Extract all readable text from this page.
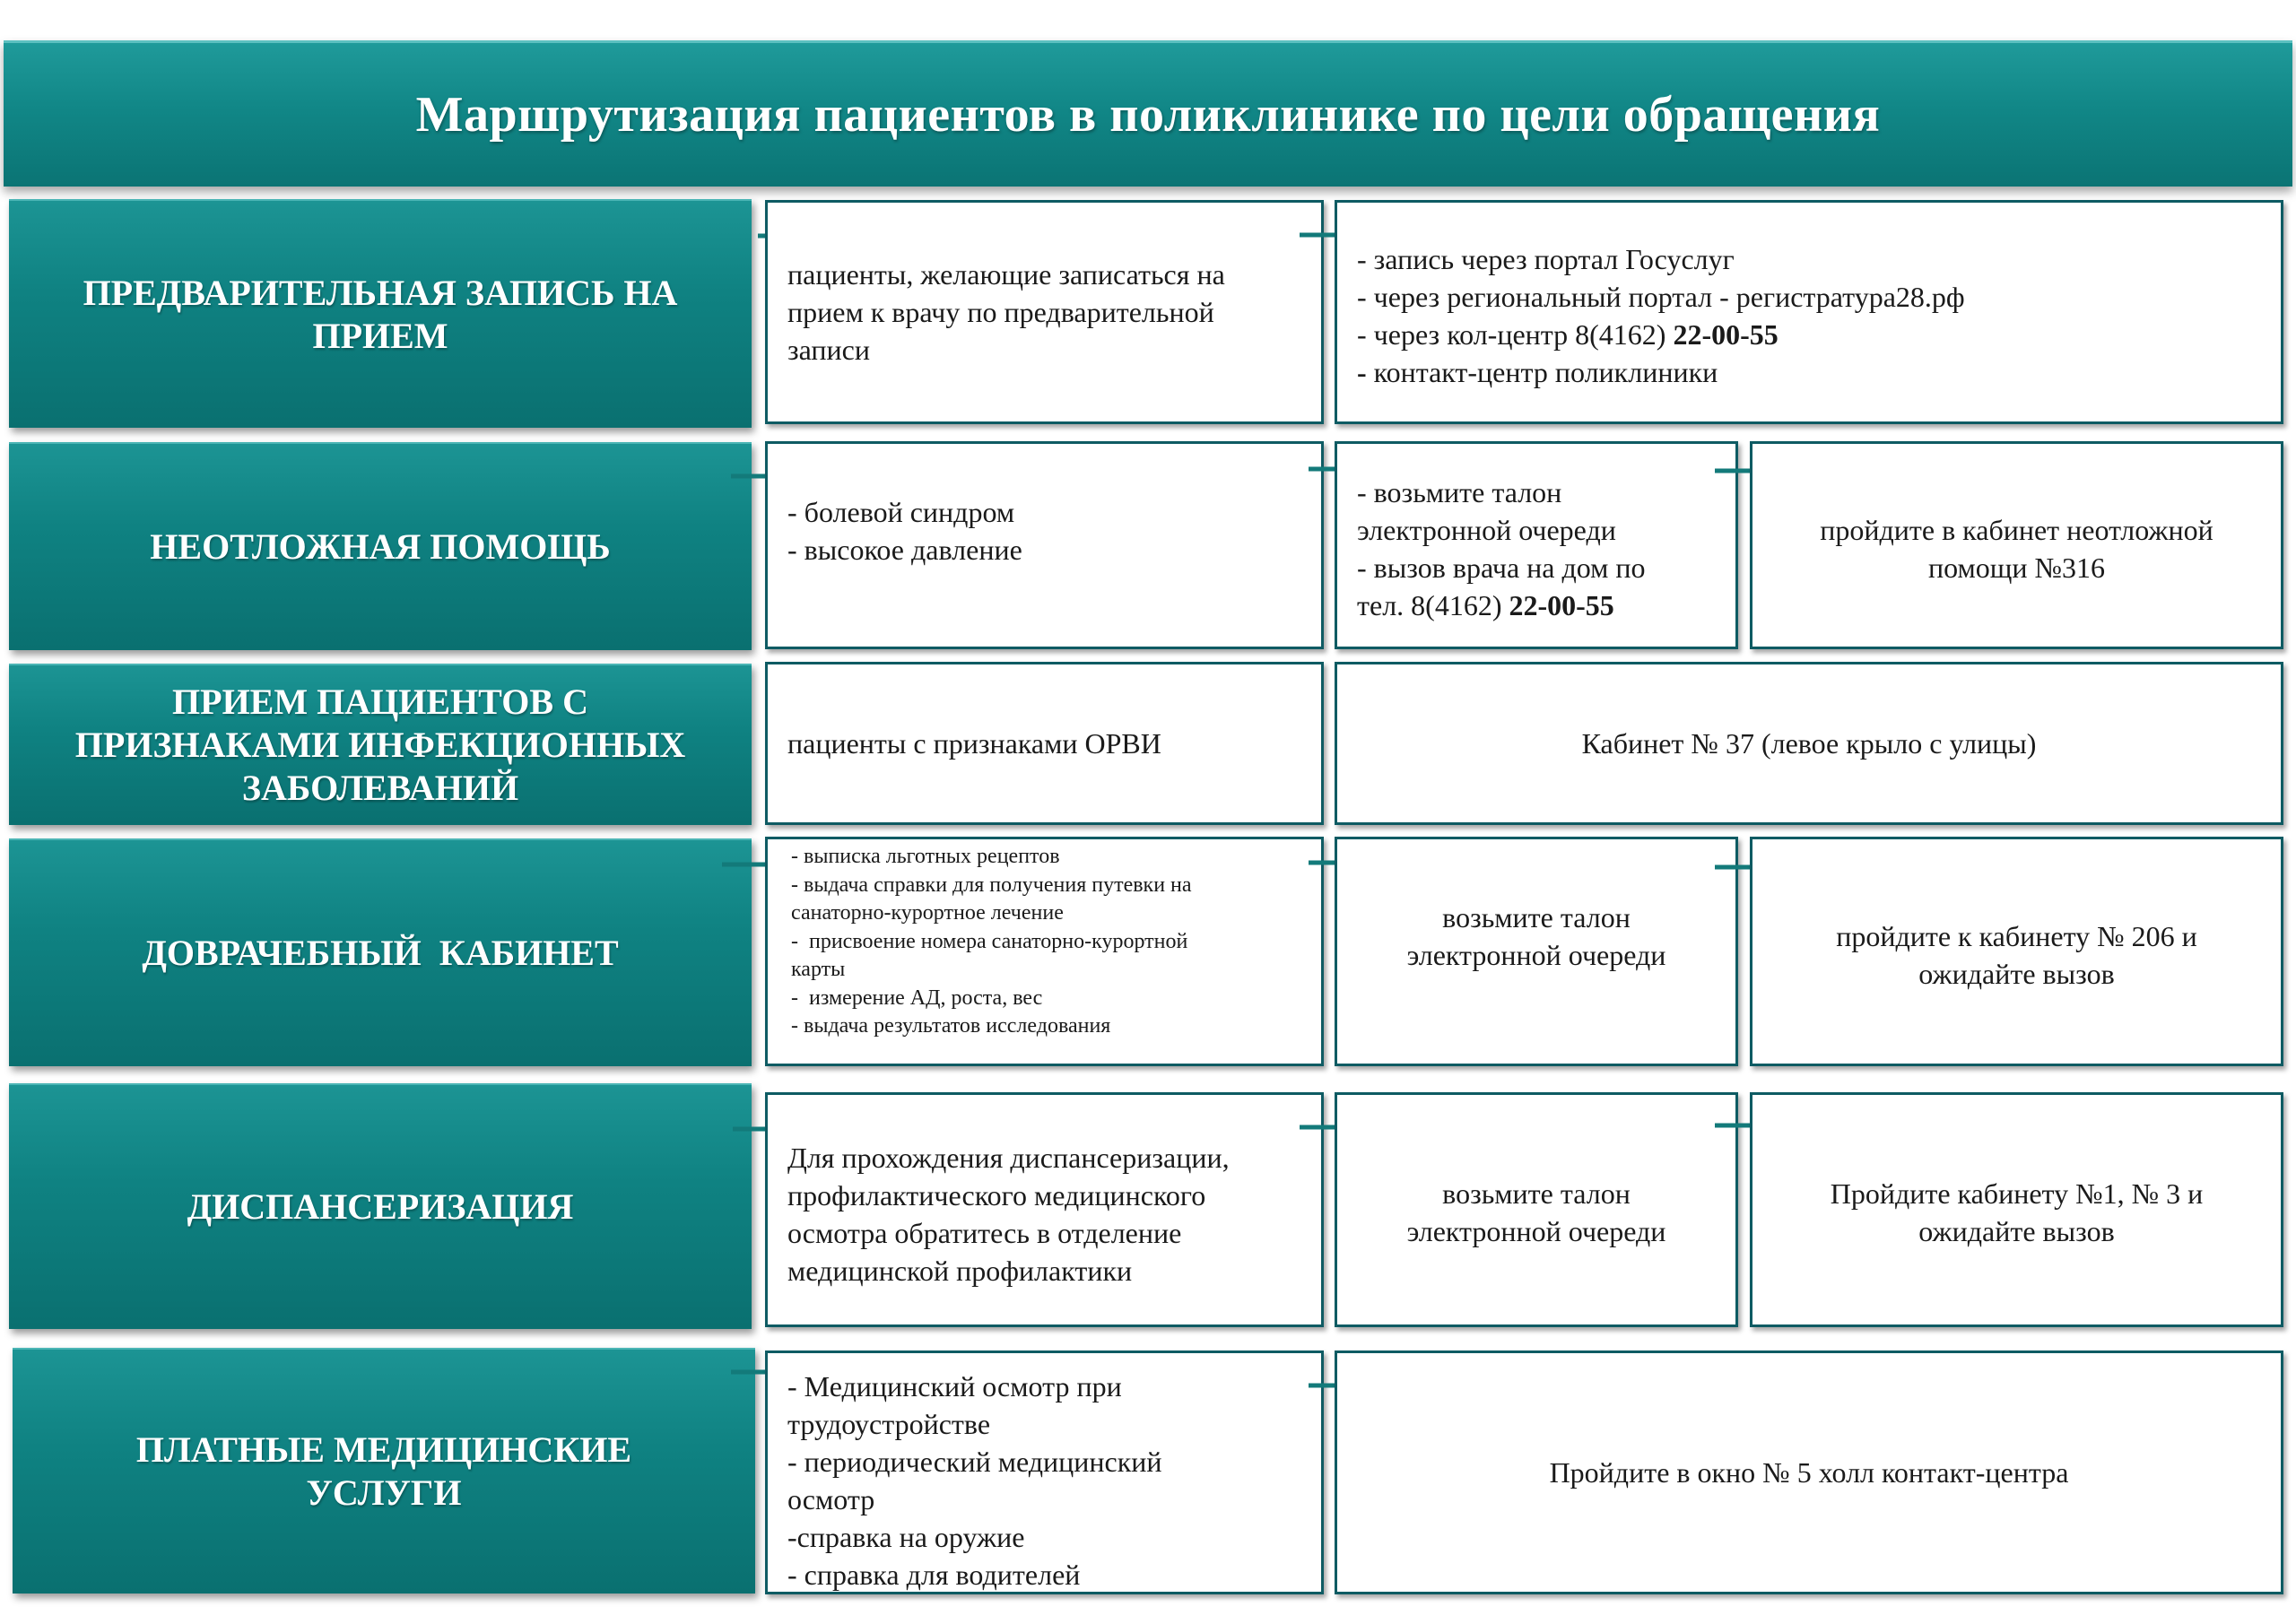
Маршрутизация пациентов в поликлинике по цели обращения
ПРЕДВАРИТЕЛЬНАЯ ЗАПИСЬ НА
ПРИЕМ
пациенты, желающие записаться на
прием к врачу по предварительной
записи
- запись через портал Госуслуг
- через региональный портал - регистратура28.рф
- через кол-центр 8(4162) 22-00-55
- контакт-центр поликлиники
НЕОТЛОЖНАЯ ПОМОЩЬ
- болевой синдром
- высокое давление
- возьмите талон
электронной очереди
- вызов врача на дом по
тел. 8(4162) 22-00-55
пройдите в кабинет неотложной
помощи №316
ПРИЕМ ПАЦИЕНТОВ С
ПРИЗНАКАМИ ИНФЕКЦИОННЫХ
ЗАБОЛЕВАНИЙ
пациенты с признаками ОРВИ	Кабинет № 37 (левое крыло с улицы)
ДОВРАЧЕБНЫЙ  КАБИНЕТ
- выписка льготных рецептов
- выдача справки для получения путевки на
санаторно-курортное лечение
-  присвоение номера санаторно-курортной
карты
-  измерение АД, роста, вес
- выдача результатов исследования
возьмите талон
электронной очереди
пройдите к кабинету № 206 и
ожидайте вызов
ДИСПАНСЕРИЗАЦИЯ
Для прохождения диспансеризации,
профилактического медицинского
осмотра обратитесь в отделение
медицинской профилактики
возьмите талон
электронной очереди
Пройдите кабинету №1, № 3 и
ожидайте вызов
ПЛАТНЫЕ МЕДИЦИНСКИЕ
УСЛУГИ
- Медицинский осмотр при
трудоустройстве
- периодический медицинский
осмотр
-справка на оружие
- справка для водителей
Пройдите в окно № 5 холл контакт-центра
